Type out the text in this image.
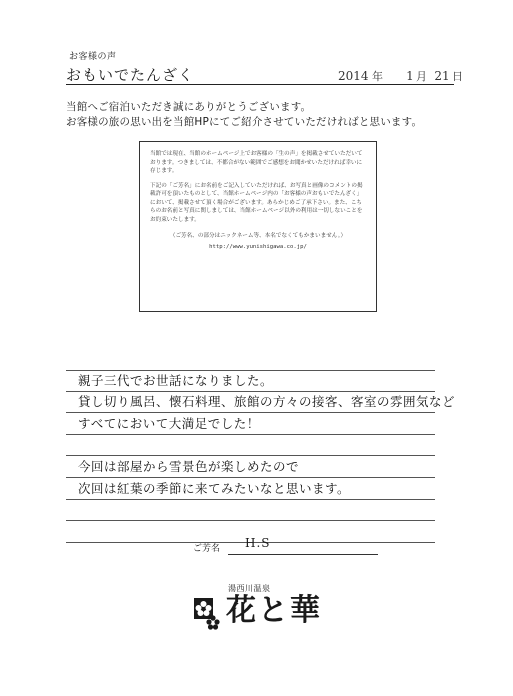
お客様の声
おもいでたんざく	2014 年 1 月 21 日
当館へご宿泊いただき誠にありがとうございます。
お客様の旅の思い出を当館HPにてご紹介させていただければと思います。

当館では現在、当館のホームページ上でお客様の「生の声」を掲載させていただいております。つきましては、不都合がない範囲でご感想をお聞かせいただければ幸いに存じます。

下記の「ご芳名」にお名前をご記入していただければ、お写真と画像のコメントの掲載許可を頂いたものとして、当館ホームページ内の「お客様の声おもいでたんざく」において、掲載させて頂く場合がございます。あらかじめご了承下さい。また、こちらのお名前と写真に関しましては、当館ホームページ以外の利用は一切しないことをお約束いたします。

（ご芳名、の部分はニックネーム等、本名でなくてもかまいません。）

http://www.yunishigawa.co.jp/

親子三代でお世話になりました。
貸し切り風呂、懐石料理、旅館の方々の接客、客室の雰囲気など
すべてにおいて大満足でした！
今回は部屋から雪景色が楽しめたので
次回は紅葉の季節に来てみたいなと思います。
ご芳名 H.S
湯西川温泉
花と華
